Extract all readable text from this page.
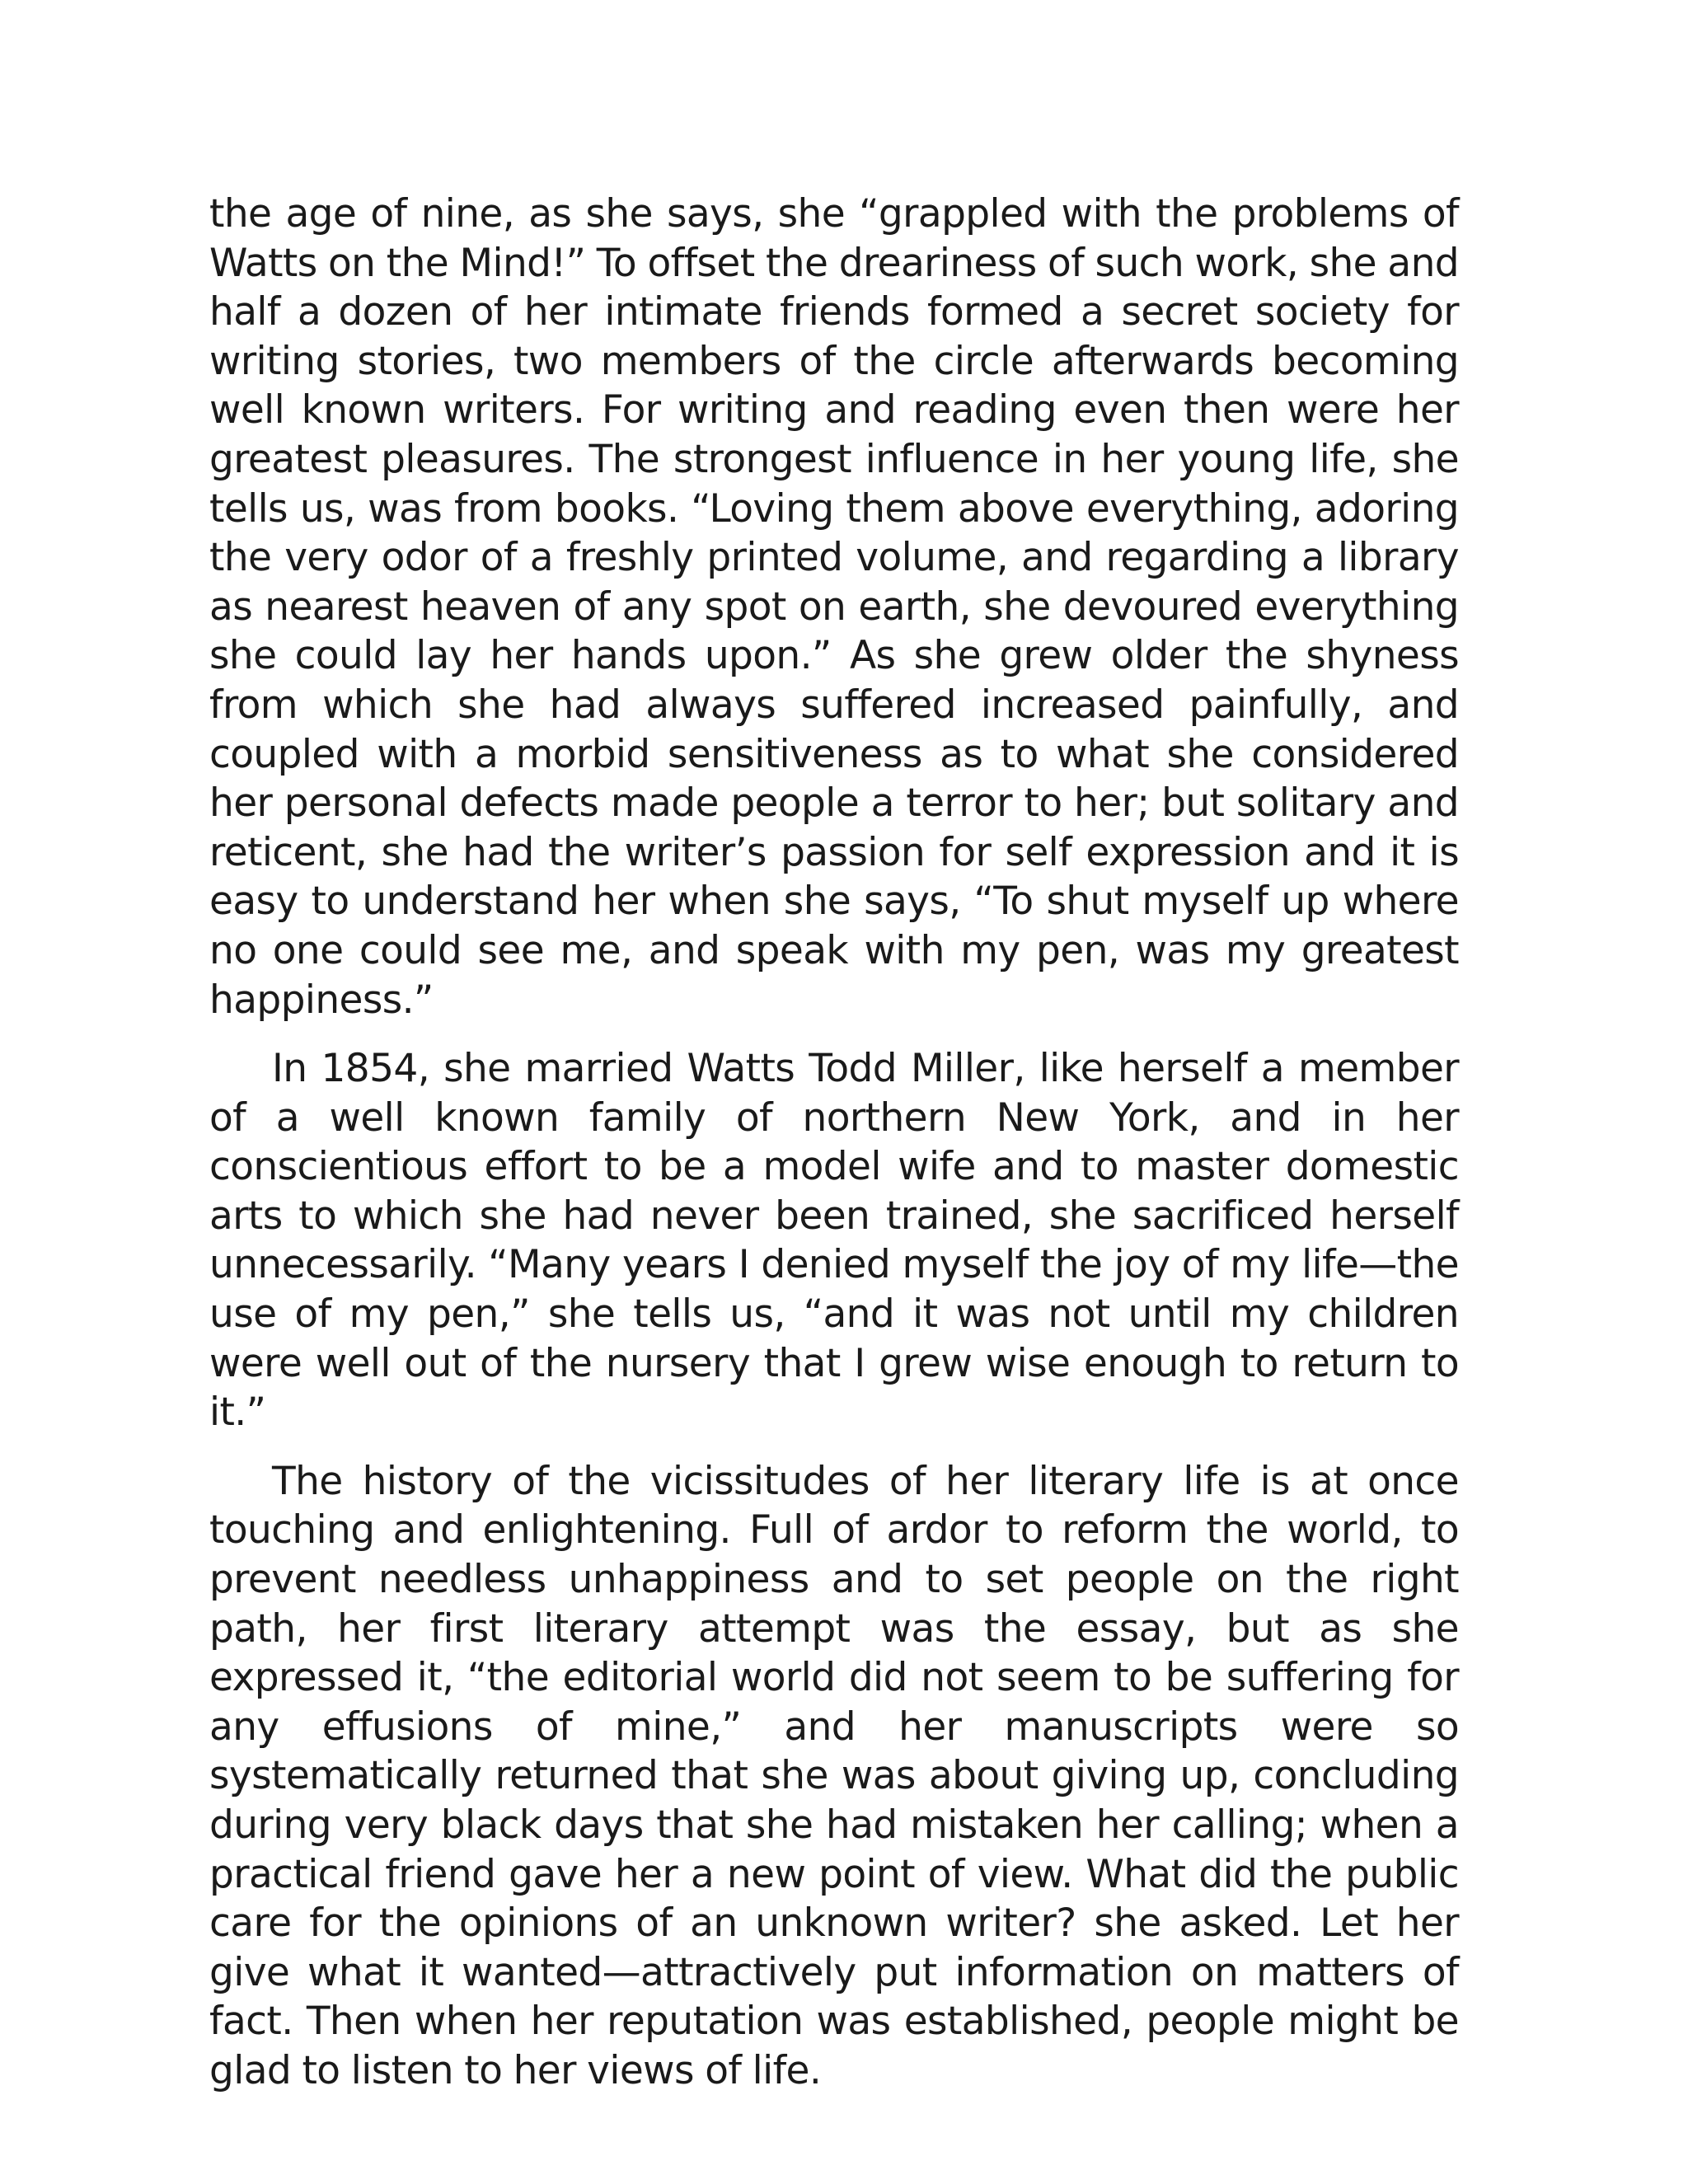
the age of nine, as she says, she “grappled with the problems of Watts on the Mind!” To offset the dreariness of such work, she and half a dozen of her intimate friends formed a secret society for writing stories, two members of the circle afterwards becoming well known writers. For writing and reading even then were her greatest pleasures. The strongest influence in her young life, she tells us, was from books. “Loving them above everything, adoring the very odor of a freshly printed volume, and regarding a library as nearest heaven of any spot on earth, she devoured everything she could lay her hands upon.” As she grew older the shyness from which she had always suffered increased painfully, and coupled with a morbid sensitiveness as to what she considered her personal defects made people a terror to her; but solitary and reticent, she had the writer’s passion for self expression and it is easy to understand her when she says, “To shut myself up where no one could see me, and speak with my pen, was my greatest happiness.”

In 1854, she married Watts Todd Miller, like herself a member of a well known family of northern New York, and in her conscientious effort to be a model wife and to master domestic arts to which she had never been trained, she sacrificed herself unnecessarily. “Many years I denied myself the joy of my life—the use of my pen,” she tells us, “and it was not until my children were well out of the nursery that I grew wise enough to return to it.”

The history of the vicissitudes of her literary life is at once touching and enlightening. Full of ardor to reform the world, to prevent needless unhappiness and to set people on the right path, her first literary attempt was the essay, but as she expressed it, “the editorial world did not seem to be suffering for any effusions of mine,” and her manuscripts were so systematically returned that she was about giving up, concluding during very black days that she had mistaken her calling; when a practical friend gave her a new point of view. What did the public care for the opinions of an unknown writer? she asked. Let her give what it wanted—attractively put information on matters of fact. Then when her reputation was established, people might be glad to listen to her views of life.
